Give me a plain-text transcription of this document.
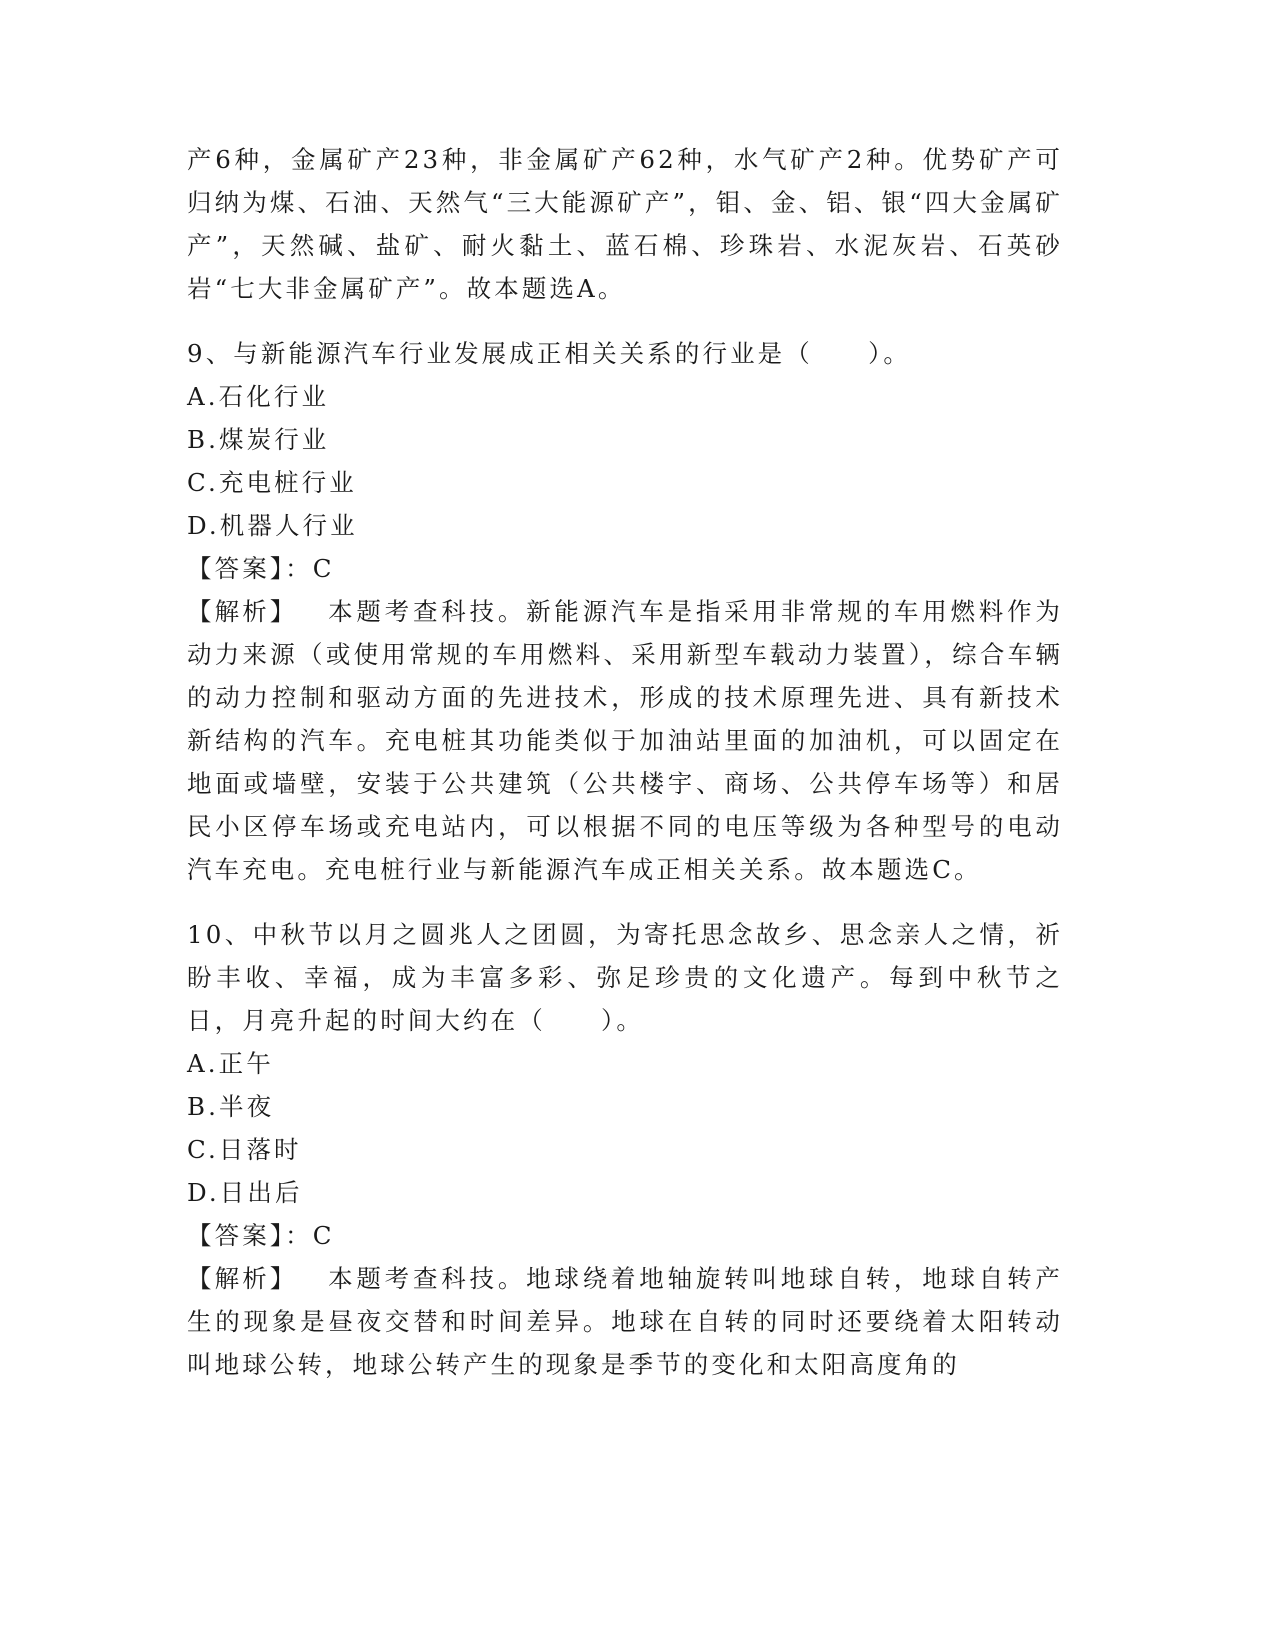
产6种，金属矿产23种，非金属矿产62种，水气矿产2种。优势矿产可归纳为煤、石油、天然气“三大能源矿产”，钼、金、铝、银“四大金属矿产”，天然碱、盐矿、耐火黏土、蓝石棉、珍珠岩、水泥灰岩、石英砂岩“七大非金属矿产”。故本题选A。

9、与新能源汽车行业发展成正相关关系的行业是（　　）。

A.石化行业
B.煤炭行业
C.充电桩行业
D.机器人行业
【答案】：C

【解析】 本题考查科技。新能源汽车是指采用非常规的车用燃料作为动力来源（或使用常规的车用燃料、采用新型车载动力装置），综合车辆的动力控制和驱动方面的先进技术，形成的技术原理先进、具有新技术新结构的汽车。充电桩其功能类似于加油站里面的加油机，可以固定在地面或墙壁，安装于公共建筑（公共楼宇、商场、公共停车场等）和居民小区停车场或充电站内，可以根据不同的电压等级为各种型号的电动汽车充电。充电桩行业与新能源汽车成正相关关系。故本题选C。

10、中秋节以月之圆兆人之团圆，为寄托思念故乡、思念亲人之情，祈盼丰收、幸福，成为丰富多彩、弥足珍贵的文化遗产。每到中秋节之日，月亮升起的时间大约在（　　）。

A.正午
B.半夜
C.日落时
D.日出后
【答案】：C

【解析】 本题考查科技。地球绕着地轴旋转叫地球自转，地球自转产生的现象是昼夜交替和时间差异。地球在自转的同时还要绕着太阳转动叫地球公转，地球公转产生的现象是季节的变化和太阳高度角的
